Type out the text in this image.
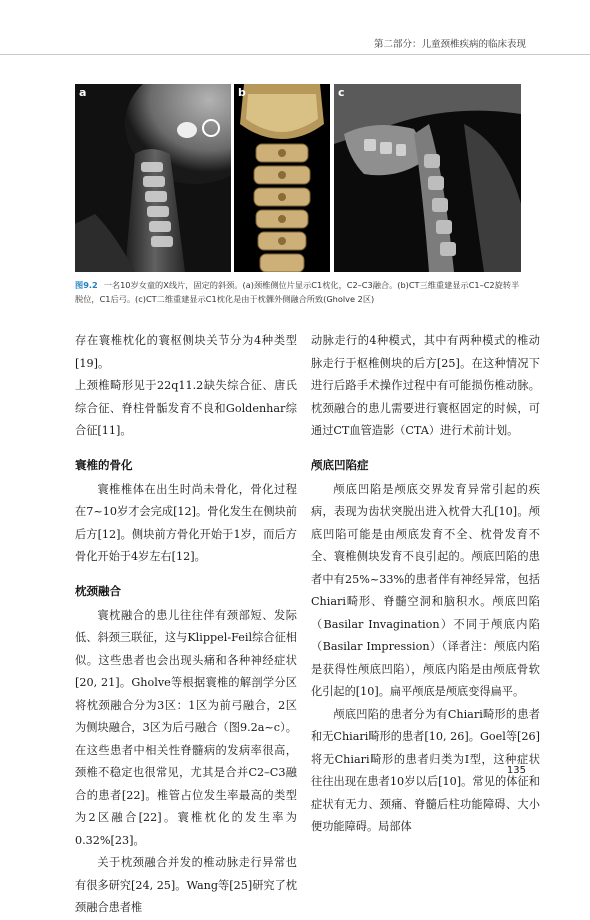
第二部分：儿童颈椎疾病的临床表现
a	b	c
图9.2 一名10岁女童的X线片，固定的斜颈。(a)颈椎侧位片显示C1枕化，C2–C3融合。(b)CT三维重建显示C1–C2旋转半脱位，C1后弓。(c)CT二维重建显示C1枕化是由于枕髁外侧融合所致(Gholve 2区)

存在寰椎枕化的寰枢侧块关节分为4种类型[19]。

上颈椎畸形见于22q11.2缺失综合征、唐氏综合征、脊柱骨骺发育不良和Goldenhar综合征[11]。

寰椎的骨化

寰椎椎体在出生时尚未骨化，骨化过程在7~10岁才会完成[12]。骨化发生在侧块前后方[12]。侧块前方骨化开始于1岁，而后方骨化开始于4岁左右[12]。

枕颈融合

寰枕融合的患儿往往伴有颈部短、发际低、斜颈三联征，这与Klippel-Feil综合征相似。这些患者也会出现头痛和各种神经症状[20, 21]。Gholve等根据寰椎的解剖学分区将枕颈融合分为3区：1区为前弓融合，2区为侧块融合，3区为后弓融合（图9.2a~c）。在这些患者中相关性脊髓病的发病率很高，颈椎不稳定也很常见，尤其是合并C2–C3融合的患者[22]。椎管占位发生率最高的类型为2区融合[22]。寰椎枕化的发生率为0.32%[23]。

关于枕颈融合并发的椎动脉走行异常也有很多研究[24, 25]。Wang等[25]研究了枕颈融合患者椎

动脉走行的4种模式，其中有两种模式的椎动脉走行于枢椎侧块的后方[25]。在这种情况下进行后路手术操作过程中有可能损伤椎动脉。枕颈融合的患儿需要进行寰枢固定的时候，可通过CT血管造影（CTA）进行术前计划。

颅底凹陷症

颅底凹陷是颅底交界发育异常引起的疾病，表现为齿状突脱出进入枕骨大孔[10]。颅底凹陷可能是由颅底发育不全、枕骨发育不全、寰椎侧块发育不良引起的。颅底凹陷的患者中有25%~33%的患者伴有神经异常，包括Chiari畸形、脊髓空洞和脑积水。颅底凹陷（Basilar Invagination）不同于颅底内陷（Basilar Impression）（译者注：颅底内陷是获得性颅底凹陷），颅底内陷是由颅底骨软化引起的[10]。扁平颅底是颅底变得扁平。

颅底凹陷的患者分为有Chiari畸形的患者和无Chiari畸形的患者[10, 26]。Goel等[26]将无Chiari畸形的患者归类为Ⅰ型，这种症状往往出现在患者10岁以后[10]。常见的体征和症状有无力、颈痛、脊髓后柱功能障碍、大小便功能障碍。局部体

135
